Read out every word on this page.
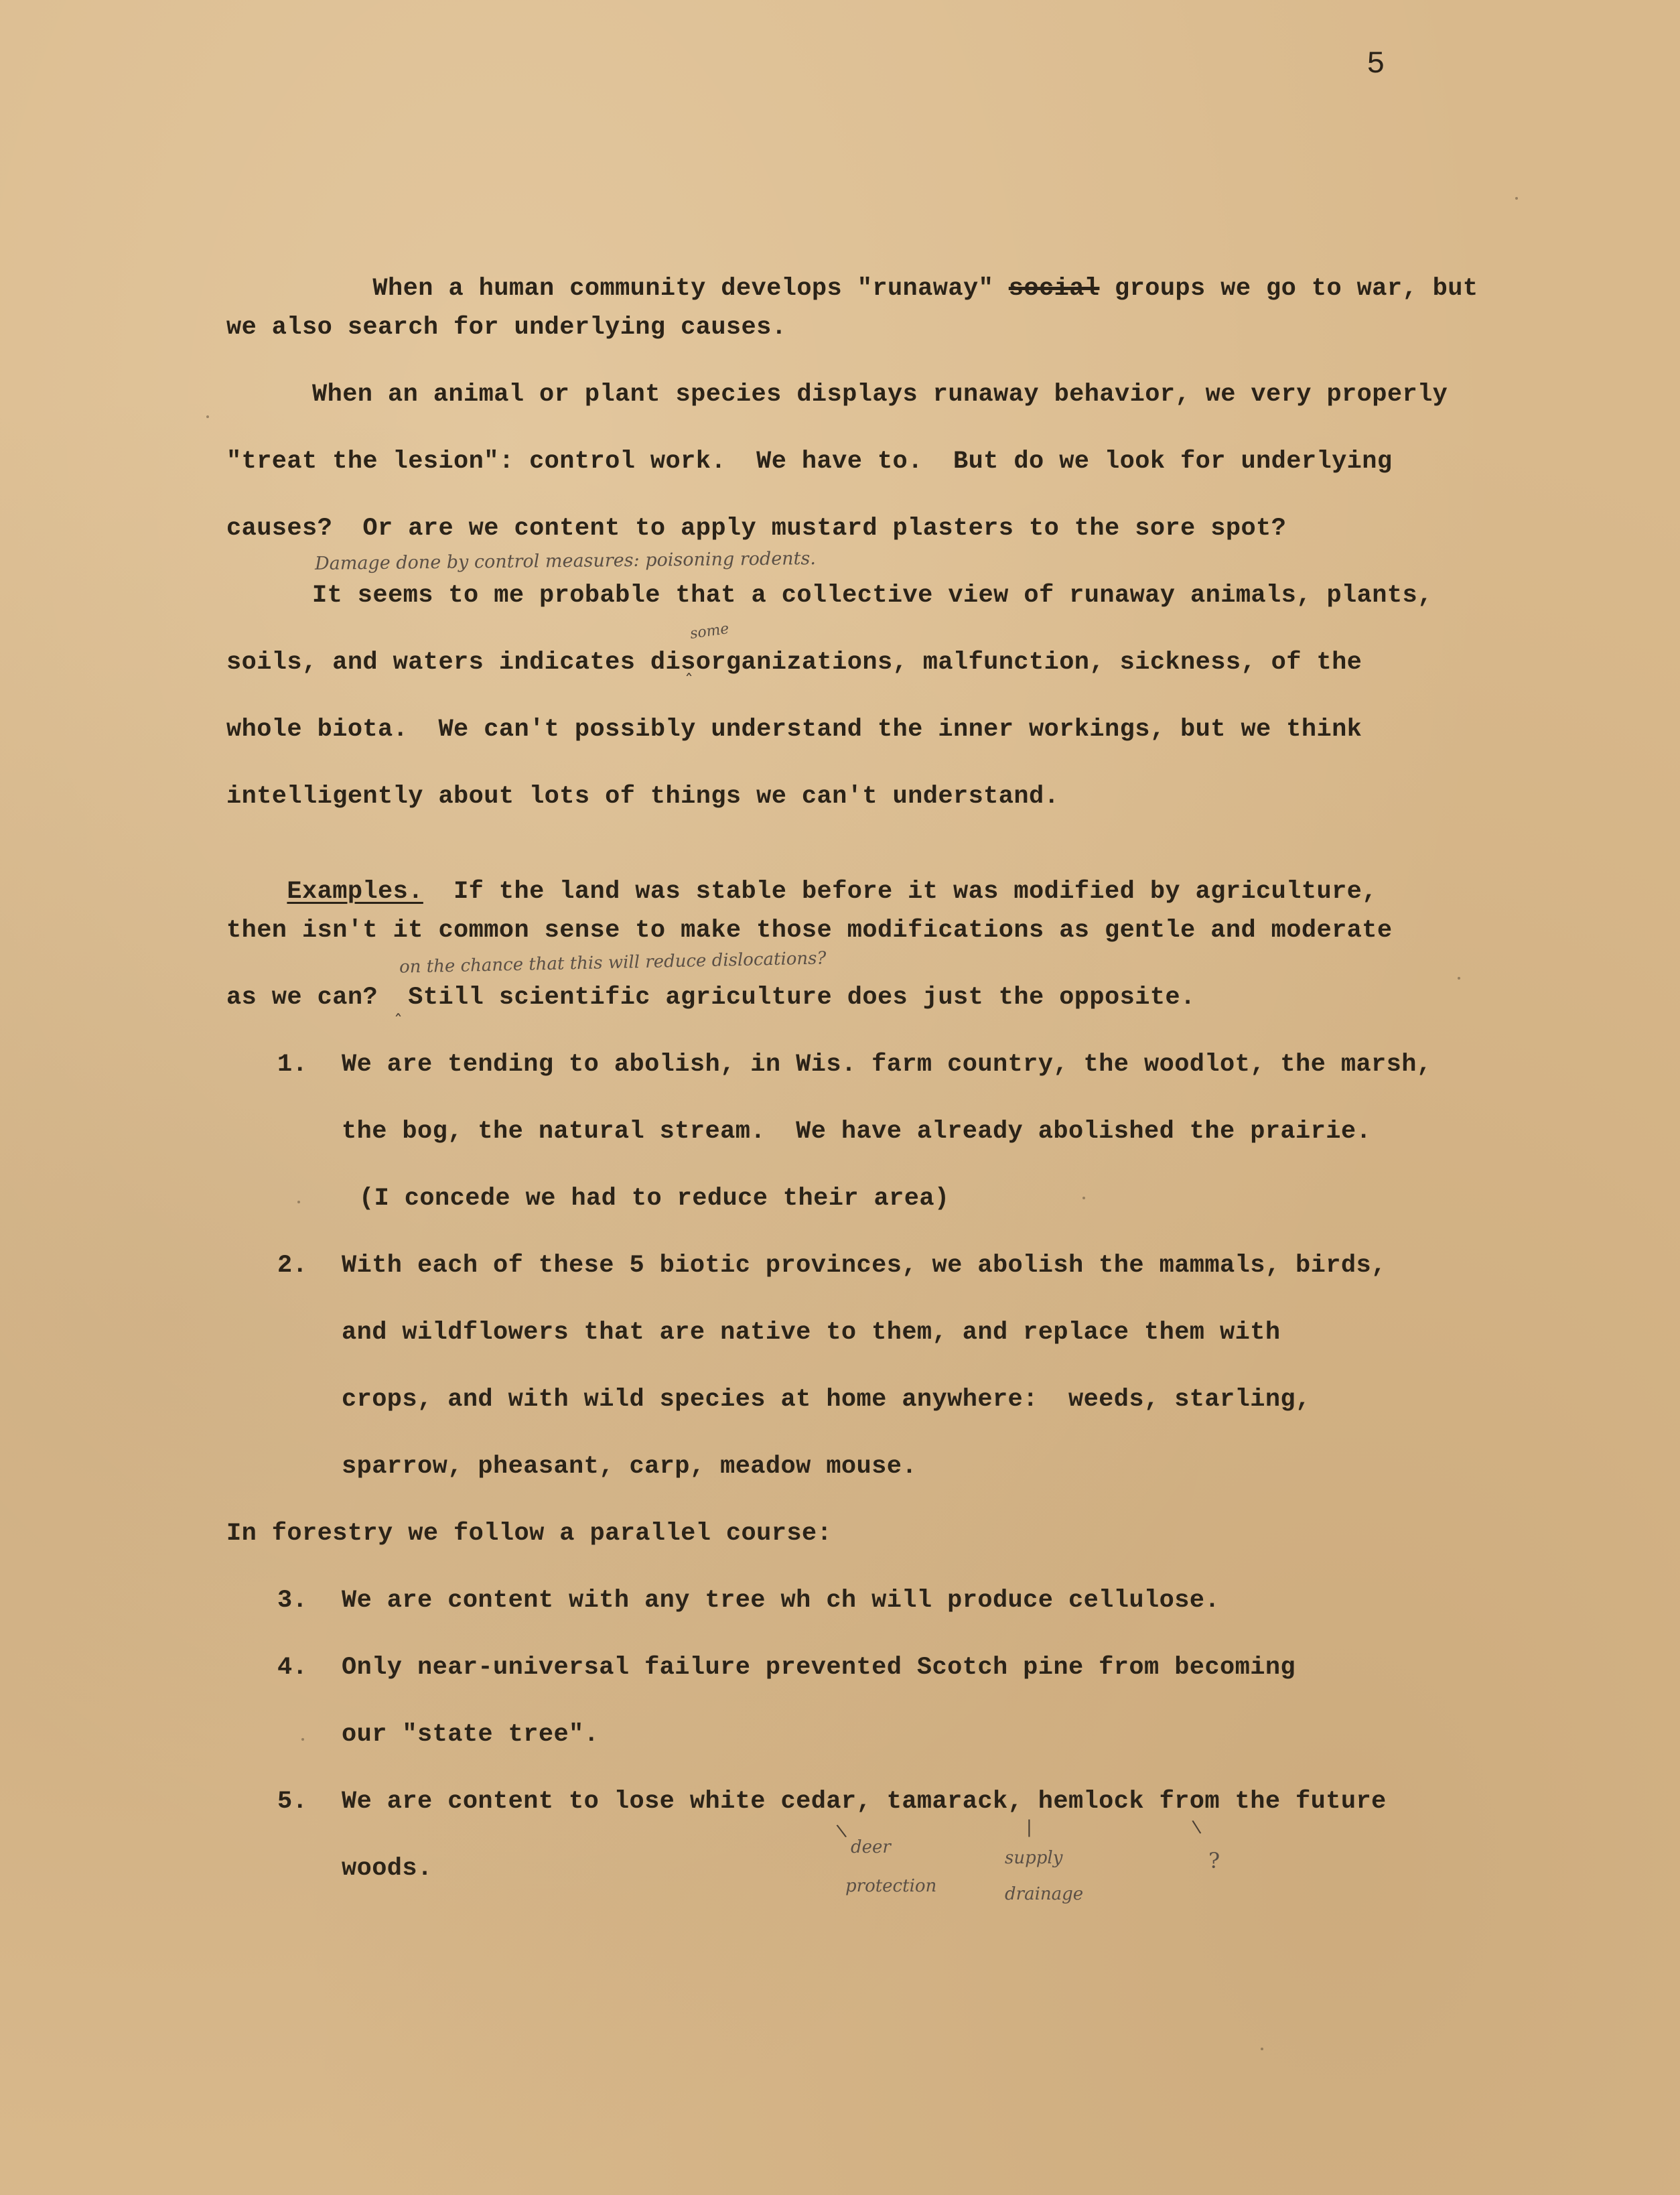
5

When a human community develops "runaway" social groups we go to war, but

we also search for underlying causes.
When an animal or plant species displays runaway behavior, we very properly
"treat the lesion": control work.  We have to.  But do we look for underlying
causes?  Or are we content to apply mustard plasters to the sore spot?
Damage done by control measures: poisoning rodents.
It seems to me probable that a collective view of runaway animals, plants,
some
ˆ
soils, and waters indicates disorganizations, malfunction, sickness, of the
whole biota.  We can't possibly understand the inner workings, but we think
intelligently about lots of things we can't understand.

Examples.  If the land was stable before it was modified by agriculture,

then isn't it common sense to make those modifications as gentle and moderate
on the chance that this will reduce dislocations?
as we can?  Still scientific agriculture does just the opposite.
ˆ
1. We are tending to abolish, in Wis. farm country, the woodlot, the marsh,
the bog, the natural stream.  We have already abolished the prairie.
(I concede we had to reduce their area)
2. With each of these 5 biotic provinces, we abolish the mammals, birds,
and wildflowers that are native to them, and replace them with
crops, and with wild species at home anywhere:  weeds, starling,
sparrow, pheasant, carp, meadow mouse.
In forestry we follow a parallel course:
3. We are content with any tree wh ch will produce cellulose.
4. Only near-universal failure prevented Scotch pine from becoming
our "state tree".
5. We are content to lose white cedar, tamarack, hemlock from the future
woods.
\	|	\
deer
protection
supply
drainage
?
